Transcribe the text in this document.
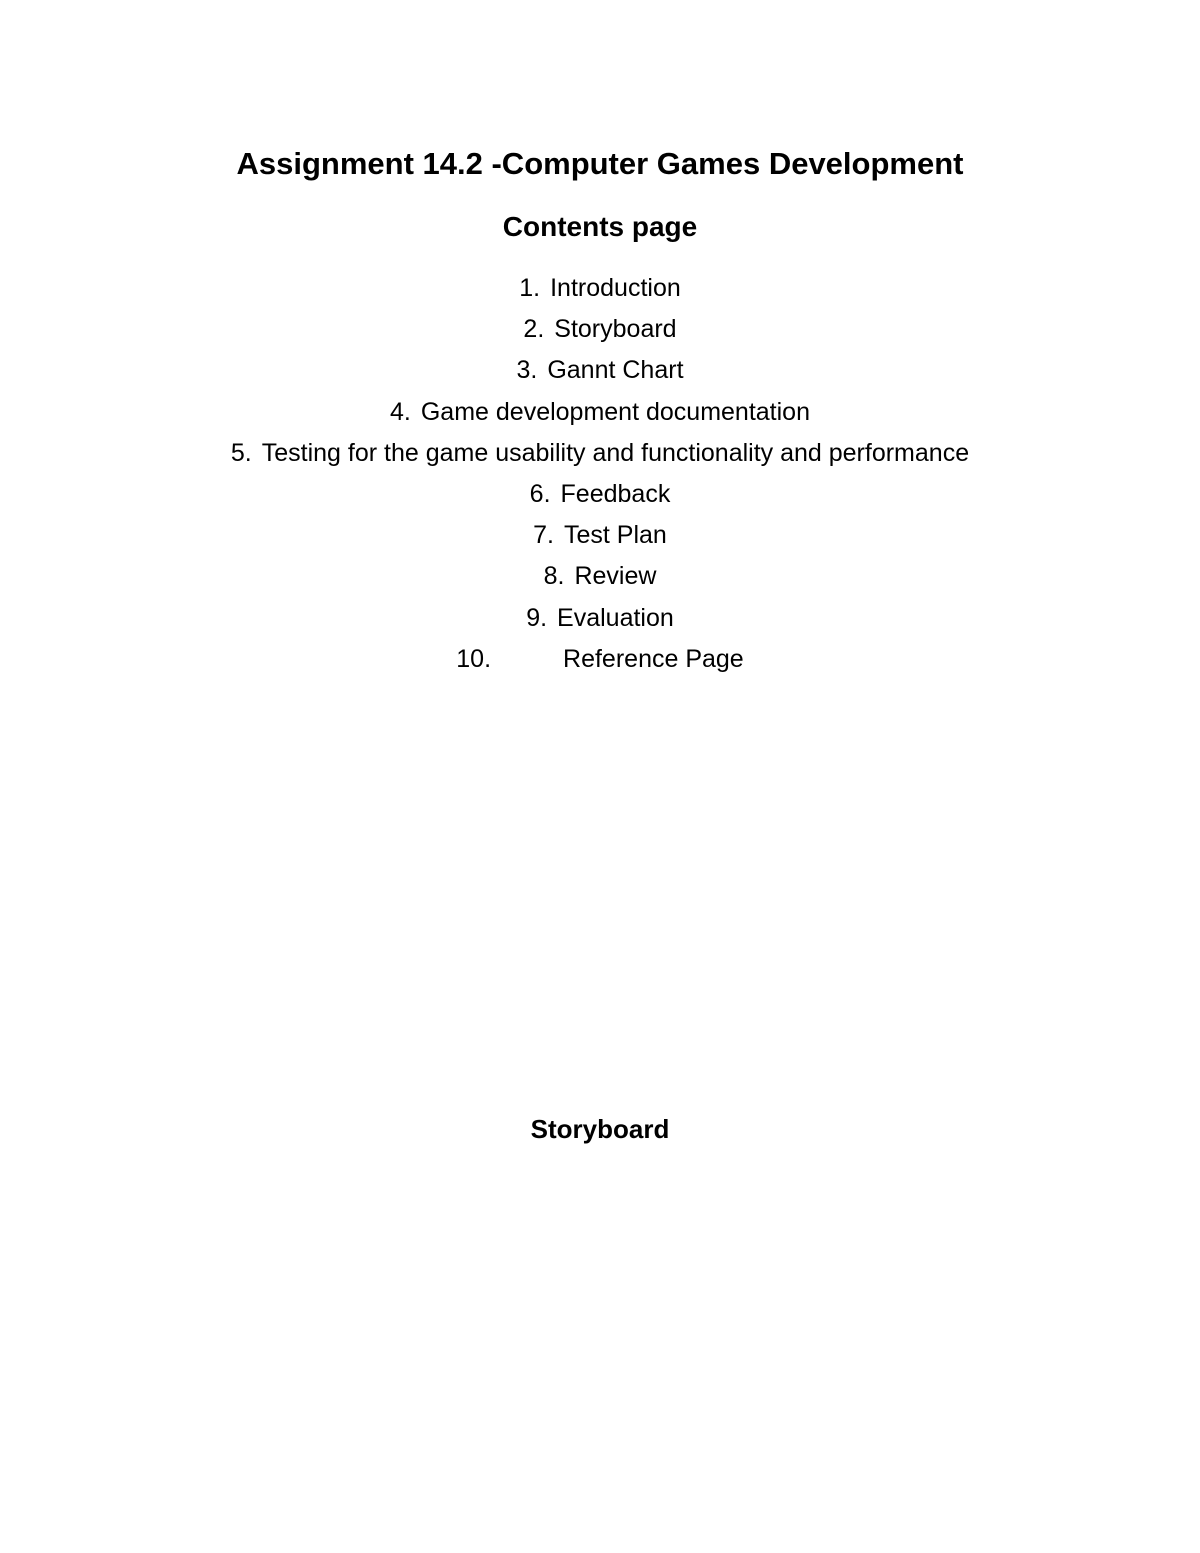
Assignment 14.2 -Computer Games Development
Contents page
1. Introduction
2. Storyboard
3. Gannt Chart
4. Game development documentation
5. Testing for the game usability and functionality and performance
6. Feedback
7. Test Plan
8. Review
9. Evaluation
10.	Reference Page
Storyboard
